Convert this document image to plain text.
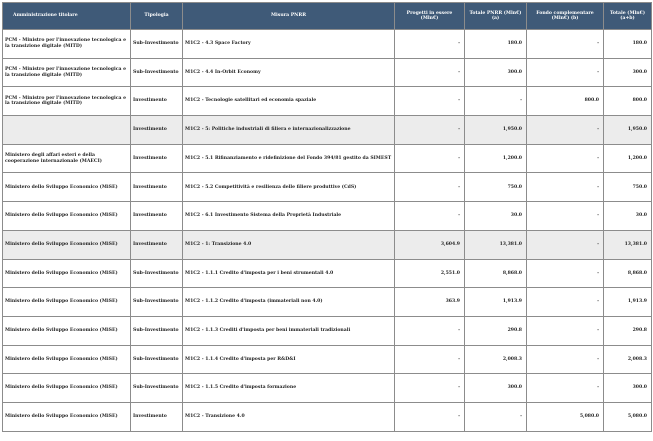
Amministrazione titolare	Tipologia	Misura PNRR	Progetti in essere (Mln€)	Totale PNRR (Mln€) (a)	Fondo complementare (Mln€) (b)	Totale (Mln€) (a+b)
PCM - Ministro per l'innovazione tecnologica e la transizione digitale (MITD)	Sub-Investimento	M1C2 - 4.3 Space Factory	-	180.0	-	180.0
PCM - Ministro per l'innovazione tecnologica e la transizione digitale (MITD)	Sub-Investimento	M1C2 - 4.4 In-Orbit Economy	-	300.0	-	300.0
PCM - Ministro per l'innovazione tecnologica e la transizione digitale (MITD)	Investimento	M1C2 - Tecnologie satellitari ed economia spaziale	-	-	800.0	800.0
	Investimento	M1C2 - 5: Politiche industriali di filiera e internazionalizzazione	-	1,950.0	-	1,950.0
Ministero degli affari esteri e della cooperazione internazionale (MAECI)	Investimento	M1C2 - 5.1 Rifinanziamento e ridefinizione del Fondo 394/81 gestito da SIMEST	-	1,200.0	-	1,200.0
Ministero dello Sviluppo Economico (MiSE)	Investimento	M1C2 - 5.2 Competitività e resilienza delle filiere produttive (CdS)	-	750.0	-	750.0
Ministero dello Sviluppo Economico (MiSE)	Investimento	M1C2 - 6.1 Investimento Sistema della Proprietà Industriale	-	30.0	-	30.0
Ministero dello Sviluppo Economico (MiSE)	Investimento	M1C2 - 1: Transizione 4.0	3,604.9	13,381.0	-	13,381.0
Ministero dello Sviluppo Economico (MiSE)	Sub-Investimento	M1C2 - 1.1.1 Credito d'imposta per i beni strumentali 4.0	2,551.0	8,868.0	-	8,868.0
Ministero dello Sviluppo Economico (MiSE)	Sub-Investimento	M1C2 - 1.1.2 Credito d'imposta (immateriali non 4.0)	363.9	1,913.9	-	1,913.9
Ministero dello Sviluppo Economico (MiSE)	Sub-Investimento	M1C2 - 1.1.3 Crediti d'imposta per beni immateriali tradizionali	-	290.8	-	290.8
Ministero dello Sviluppo Economico (MiSE)	Sub-Investimento	M1C2 - 1.1.4 Credito d'imposta per R&D&I	-	2,008.3	-	2,008.3
Ministero dello Sviluppo Economico (MiSE)	Sub-Investimento	M1C2 - 1.1.5 Credito d'imposta formazione	-	300.0	-	300.0
Ministero dello Sviluppo Economico (MiSE)	Investimento	M1C2 - Transizione 4.0	-	-	5,080.0	5,080.0
